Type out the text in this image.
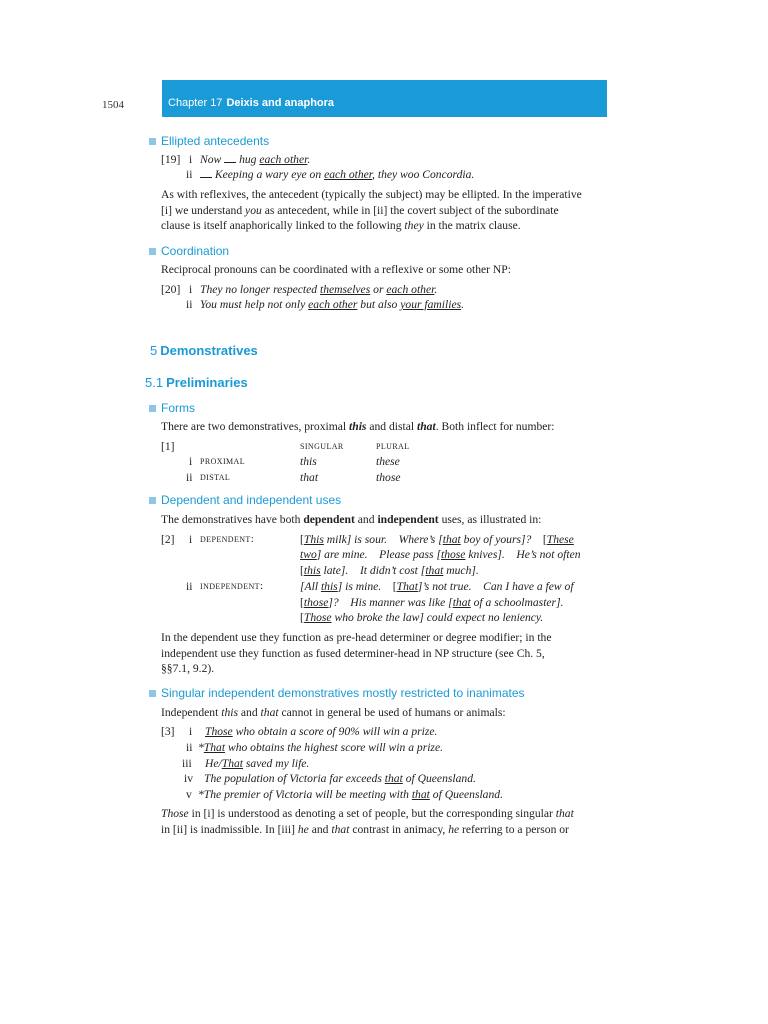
1504	Chapter 17 Deixis and anaphora
Ellipted antecedents
[19] i Now hug each other.
ii	Keeping a wary eye on each other, they woo Concordia.
As with reflexives, the antecedent (typically the subject) may be ellipted. In the imperative
[i] we understand you as antecedent, while in [ii] the covert subject of the subordinate
clause is itself anaphorically linked to the following they in the matrix clause.
Coordination
Reciprocal pronouns can be coordinated with a reflexive or some other NP:
[20] i They no longer respected themselves or each other.
ii You must help not only each other but also your families.
5 Demonstratives
5.1 Preliminaries
Forms
There are two demonstratives, proximal this and distal that. Both inflect for number:
[1]	singular	plural
i proximal	this	these
ii distal	that	those
Dependent and independent uses
The demonstratives have both dependent and independent uses, as illustrated in:
[2] i dependent:	[This milk] is sour. Where’s [that boy of yours]? [These
two] are mine. Please pass [those knives]. He’s not often
[this late]. It didn’t cost [that much].
ii independent:	[All this] is mine. [That]’s not true. Can I have a few of
[those]? His manner was like [that of a schoolmaster].
[Those who broke the law] could expect no leniency.
In the dependent use they function as pre-head determiner or degree modifier; in the
independent use they function as fused determiner-head in NP structure (see Ch. 5,
§§7.1, 9.2).
Singular independent demonstratives mostly restricted to inanimates
Independent this and that cannot in general be used of humans or animals:
[3] i Those who obtain a score of 90% will win a prize.
ii *That who obtains the highest score will win a prize.
iii He/That saved my life.
iv The population of Victoria far exceeds that of Queensland.
v *The premier of Victoria will be meeting with that of Queensland.
Those in [i] is understood as denoting a set of people, but the corresponding singular that
in [ii] is inadmissible. In [iii] he and that contrast in animacy, he referring to a person or
